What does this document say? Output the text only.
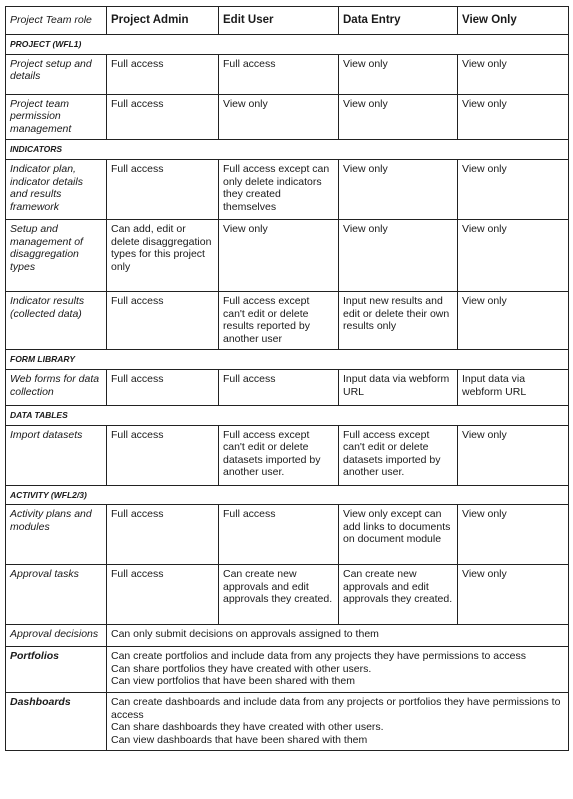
Project Team role	Project Admin	Edit User	Data Entry	View Only
PROJECT (WFL1)				
Project setup and details	Full access	Full access	View only	View only
Project team permission management	Full access	View only	View only	View only
INDICATORS				
Indicator plan, indicator details and results framework	Full access	Full access except can only delete indicators they created themselves	View only	View only
Setup and management of disaggregation types	Can add, edit or delete disaggregation types for this project only	View only	View only	View only
Indicator results (collected data)	Full access	Full access except can't edit or delete results reported by another user	Input new results and edit or delete their own results only	View only
FORM LIBRARY				
Web forms for data collection	Full access	Full access	Input data via webform URL	Input data via webform URL
DATA TABLES				
Import datasets	Full access	Full access except can't edit or delete datasets imported by another user.	Full access except can't edit or delete datasets imported by another user.	View only
ACTIVITY (WFL2/3)				
Activity plans and modules	Full access	Full access	View only except can add links to documents on document module	View only
Approval tasks	Full access	Can create new approvals and edit approvals they created.	Can create new approvals and edit approvals they created.	View only
Approval decisions	Can only submit decisions on approvals assigned to them			

Portfolios	Can create portfolios and include data from any projects they have permissions to access
Can share portfolios they have created with other users.
Can view portfolios that have been shared with them			

Dashboards	Can create dashboards and include data from any projects or portfolios they have permissions to access
Can share dashboards they have created with other users.
Can view dashboards that have been shared with them			
